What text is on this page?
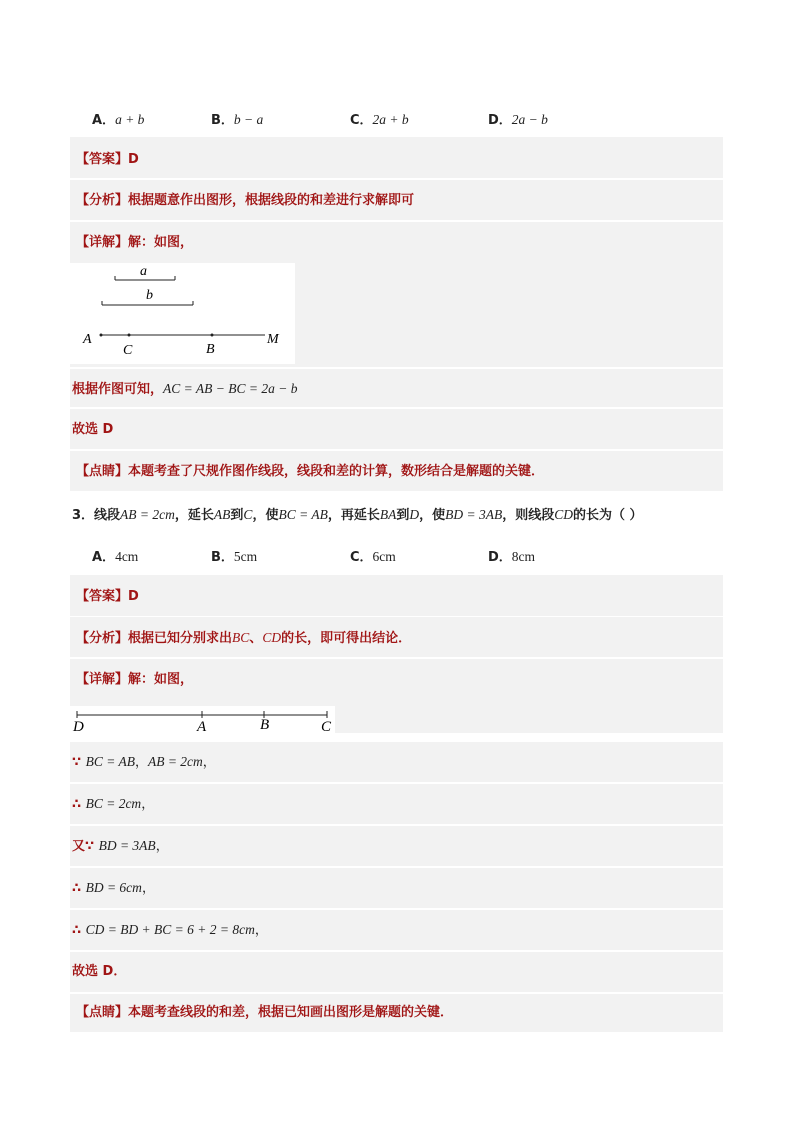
A．a + b	B．b − a	C．2a + b	D．2a − b
【答案】D
【分析】根据题意作出图形，根据线段的和差进行求解即可
【详解】解：如图，
a
b
A
C	B
M
根据作图可知，AC = AB − BC = 2a − b
故选 D
【点睛】本题考查了尺规作图作线段，线段和差的计算，数形结合是解题的关键．
3．线段AB = 2cm，延长AB到C，使BC = AB，再延长BA到D，使BD = 3AB，则线段CD的长为（ ）
A．4cm	B．5cm	C．6cm	D．8cm
【答案】D
【分析】根据已知分别求出BC、CD的长，即可得出结论．
【详解】解：如图，
D	A	B	C
∵ BC = AB，AB = 2cm，
∴ BC = 2cm，
又∵ BD = 3AB，
∴ BD = 6cm，
∴ CD = BD + BC = 6 + 2 = 8cm，
故选 D．
【点睛】本题考查线段的和差，根据已知画出图形是解题的关键．
